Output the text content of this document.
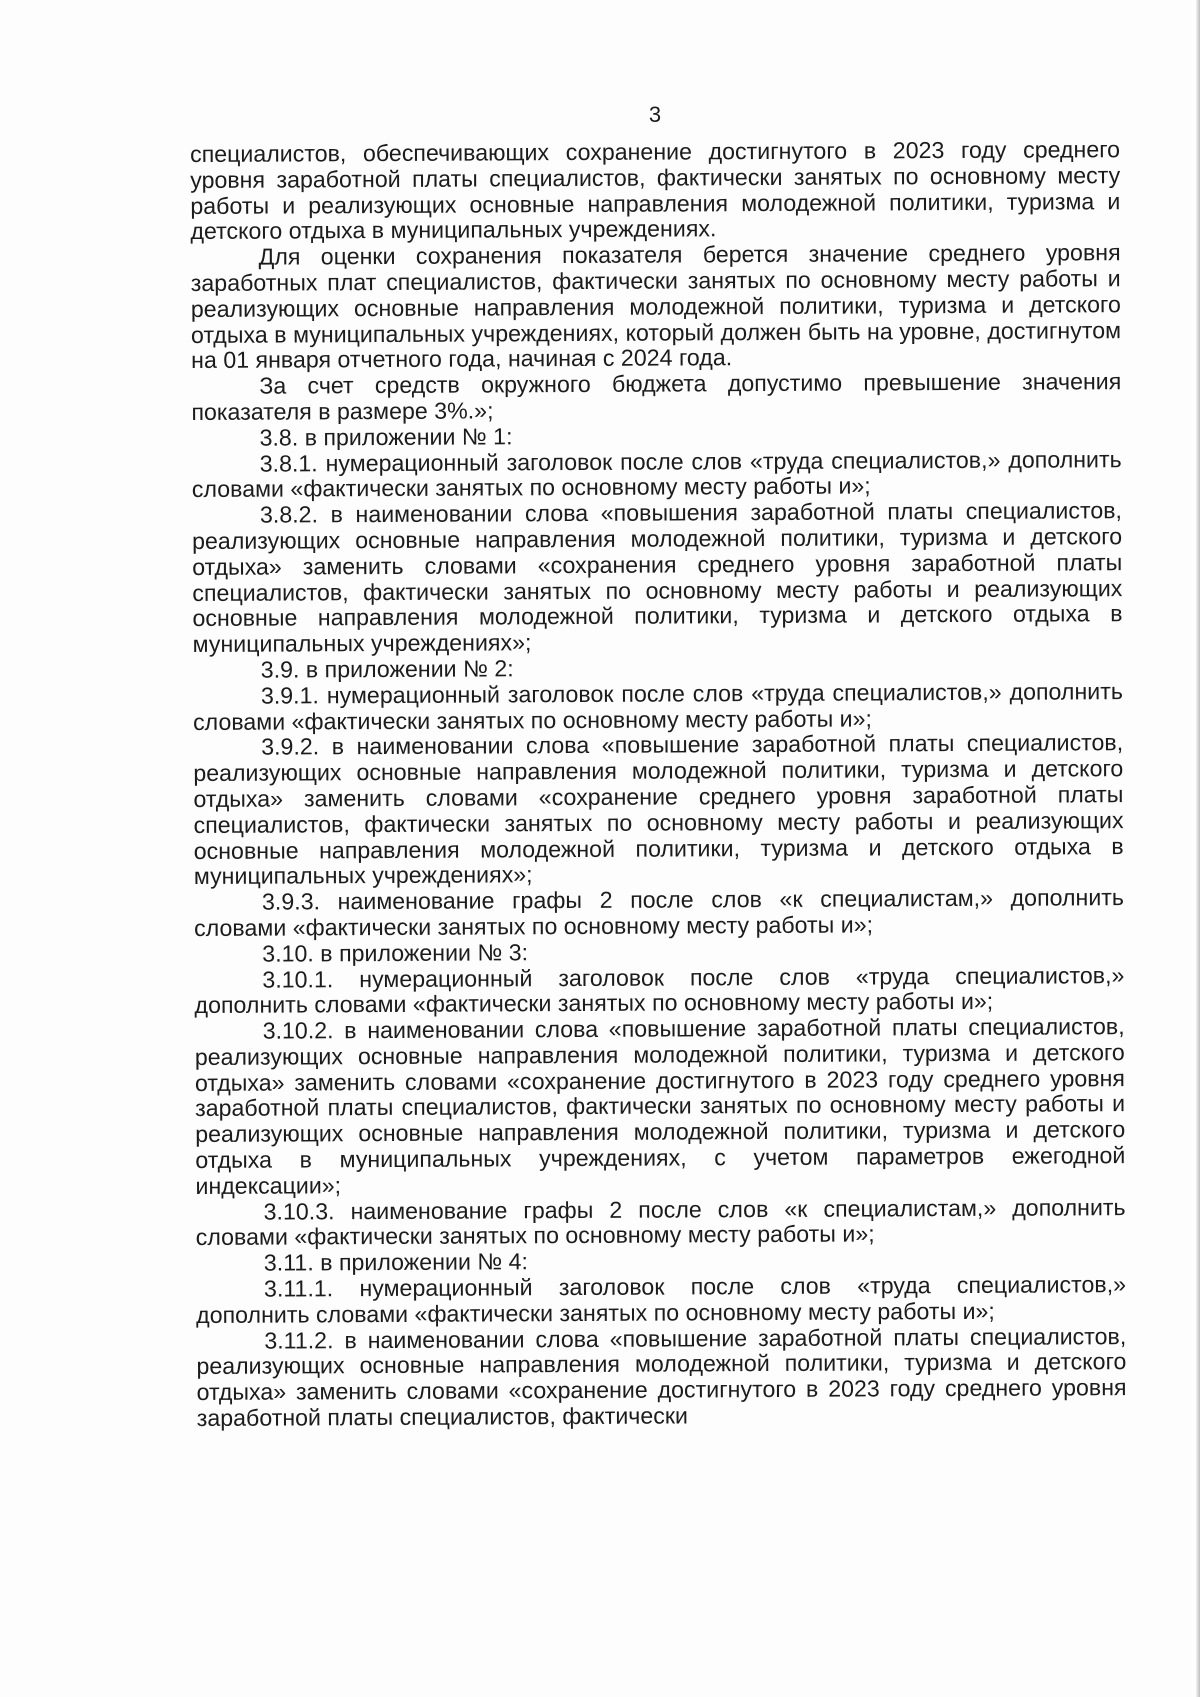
3

специалистов, обеспечивающих сохранение достигнутого в 2023 году среднего уровня заработной платы специалистов, фактически занятых по основному месту работы и реализующих основные направления молодежной политики, туризма и детского отдыха в муниципальных учреждениях.

Для оценки сохранения показателя берется значение среднего уровня заработных плат специалистов, фактически занятых по основному месту работы и реализующих основные направления молодежной политики, туризма и детского отдыха в муниципальных учреждениях, который должен быть на уровне, достигнутом на 01 января отчетного года, начиная с 2024 года.

За счет средств окружного бюджета допустимо превышение значения показателя в размере 3%.»;

3.8. в приложении № 1:

3.8.1. нумерационный заголовок после слов «труда специалистов,» дополнить словами «фактически занятых по основному месту работы и»;

3.8.2. в наименовании слова «повышения заработной платы специалистов, реализующих основные направления молодежной политики, туризма и детского отдыха» заменить словами «сохранения среднего уровня заработной платы специалистов, фактически занятых по основному месту работы и реализующих основные направления молодежной политики, туризма и детского отдыха в муниципальных учреждениях»;

3.9. в приложении № 2:

3.9.1. нумерационный заголовок после слов «труда специалистов,» дополнить словами «фактически занятых по основному месту работы и»;

3.9.2. в наименовании слова «повышение заработной платы специалистов, реализующих основные направления молодежной политики, туризма и детского отдыха» заменить словами «сохранение среднего уровня заработной платы специалистов, фактически занятых по основному месту работы и реализующих основные направления молодежной политики, туризма и детского отдыха в муниципальных учреждениях»;

3.9.3. наименование графы 2 после слов «к специалистам,» дополнить словами «фактически занятых по основному месту работы и»;

3.10. в приложении № 3:

3.10.1. нумерационный заголовок после слов «труда специалистов,» дополнить словами «фактически занятых по основному месту работы и»;

3.10.2. в наименовании слова «повышение заработной платы специалистов, реализующих основные направления молодежной политики, туризма и детского отдыха» заменить словами «сохранение достигнутого в 2023 году среднего уровня заработной платы специалистов, фактически занятых по основному месту работы и реализующих основные направления молодежной политики, туризма и детского отдыха в муниципальных учреждениях, с учетом параметров ежегодной индексации»;

3.10.3. наименование графы 2 после слов «к специалистам,» дополнить словами «фактически занятых по основному месту работы и»;

3.11. в приложении № 4:

3.11.1. нумерационный заголовок после слов «труда специалистов,» дополнить словами «фактически занятых по основному месту работы и»;

3.11.2. в наименовании слова «повышение заработной платы специалистов, реализующих основные направления молодежной политики, туризма и детского отдыха» заменить словами «сохранение достигнутого в 2023 году среднего уровня заработной платы специалистов, фактически
